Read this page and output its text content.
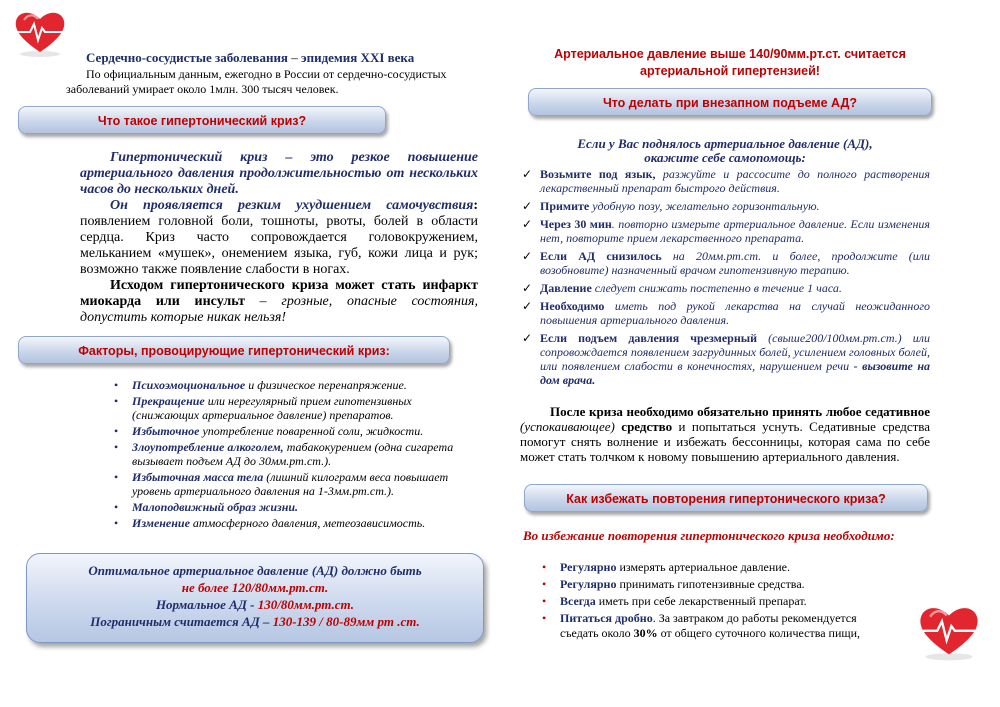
Сердечно-сосудистые заболевания – эпидемия XXI века
По официальным данным, ежегодно в России от сердечно-сосудистых заболеваний умирает около 1млн. 300 тысяч человек.
Что такое гипертонический криз?
Гипертонический криз – это резкое повышение артериального давления продолжительностью от нескольких часов до нескольких дней.
Он проявляется резким ухудшением самочувствия: появлением головной боли, тошноты, рвоты, болей в области сердца. Криз часто сопровождается головокружением, мельканием «мушек», онемением языка, губ, кожи лица и рук; возможно также появление слабости в ногах.
Исходом гипертонического криза может стать инфаркт миокарда или инсульт – грозные, опасные состояния, допустить которые никак нельзя!
Факторы, провоцирующие гипертонический криз:
• Психоэмоциональное и физическое перенапряжение.
• Прекращение или нерегулярный прием гипотензивных (снижающих артериальное давление) препаратов.
• Избыточное употребление поваренной соли, жидкости.
• Злоупотребление алкоголем, табакокурением (одна сигарета вызывает подъем АД до 30мм.рт.ст.).
• Избыточная масса тела (лишний килограмм веса повышает уровень артериального давления на 1-3мм.рт.ст.).
• Малоподвижный образ жизни.
• Изменение атмосферного давления, метеозависимость.
Оптимальное артериальное давление (АД) должно быть
не более 120/80мм.рт.ст.
Нормальное АД - 130/80мм.рт.ст.
Пограничным считается АД – 130-139 / 80-89мм рт .ст.
Артериальное давление выше 140/90мм.рт.ст. считается
артериальной гипертензией!
Что делать при внезапном подъеме АД?
Если у Вас поднялось артериальное давление (АД),
окажите себе самопомощь:
✓ Возьмите под язык, разжуйте и рассосите до полного растворения лекарственный препарат быстрого действия.
✓ Примите удобную позу, желательно горизонтальную.
✓ Через 30 мин. повторно измерьте артериальное давление. Если изменения нет, повторите прием лекарственного препарата.
✓ Если АД снизилось на 20мм.рт.ст. и более, продолжите (или возобновите) назначенный врачом гипотензивную терапию.
✓ Давление следует снижать постепенно в течение 1 часа.
✓ Необходимо иметь под рукой лекарства на случай неожиданного повышения артериального давления.
✓ Если подъем давления чрезмерный (свыше200/100мм.рт.ст.) или сопровождается появлением загрудинных болей, усилением головных болей, или появлением слабости в конечностях, нарушением речи - вызовите на дом врача.
После криза необходимо обязательно принять любое седативное (успокаивающее) средство и попытаться уснуть. Седативные средства помогут снять волнение и избежать бессонницы, которая сама по себе может стать толчком к новому повышению артериального давления.
Как избежать повторения гипертонического криза?
Во избежание повторения гипертонического криза необходимо:
• Регулярно измерять артериальное давление.
• Регулярно принимать гипотензивные средства.
• Всегда иметь при себе лекарственный препарат.
• Питаться дробно. За завтраком до работы рекомендуется съедать около 30% от общего суточного количества пищи,
